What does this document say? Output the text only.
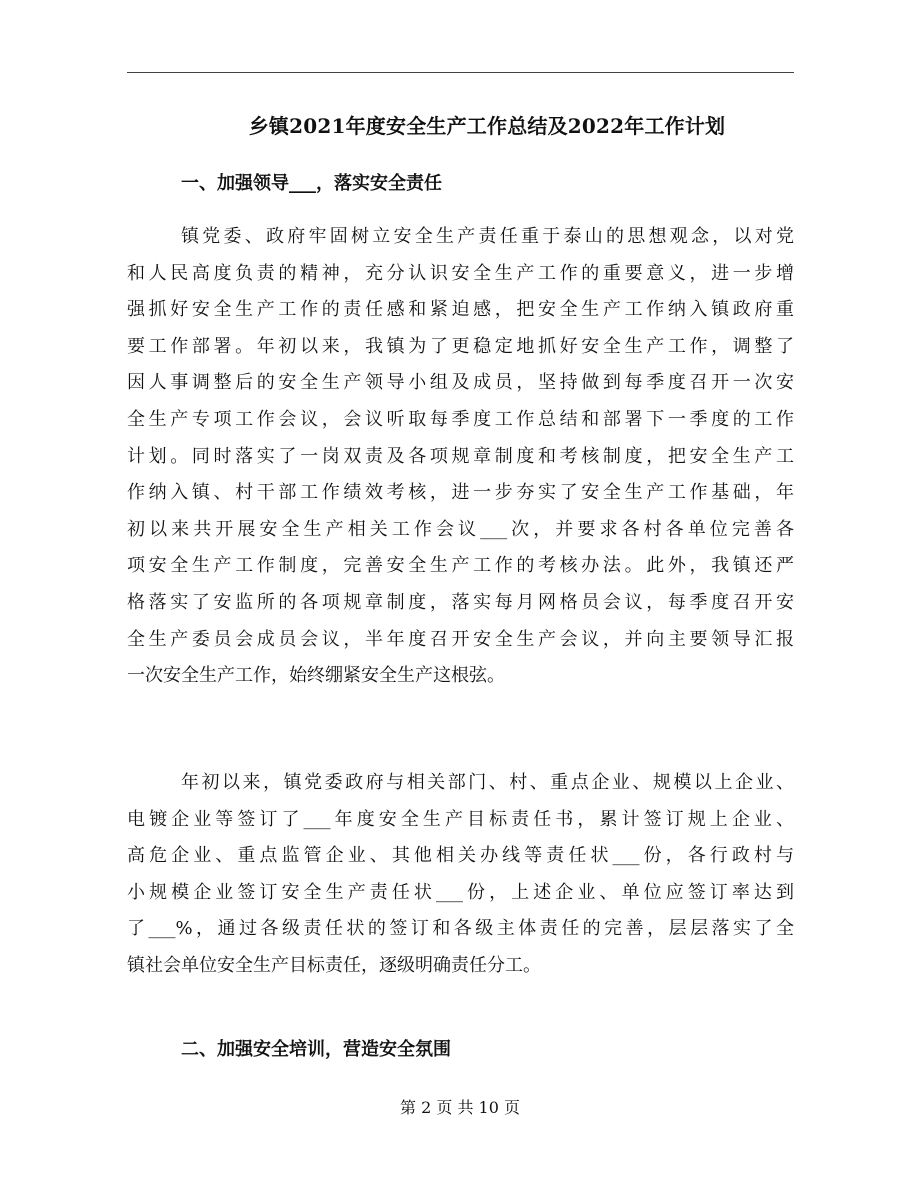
乡镇2021年度安全生产工作总结及2022年工作计划
一、加强领导___，落实安全责任
镇党委、政府牢固树立安全生产责任重于泰山的思想观念，以对党
和人民高度负责的精神，充分认识安全生产工作的重要意义，进一步增
强抓好安全生产工作的责任感和紧迫感，把安全生产工作纳入镇政府重
要工作部署。年初以来，我镇为了更稳定地抓好安全生产工作，调整了
因人事调整后的安全生产领导小组及成员，坚持做到每季度召开一次安
全生产专项工作会议，会议听取每季度工作总结和部署下一季度的工作
计划。同时落实了一岗双责及各项规章制度和考核制度，把安全生产工
作纳入镇、村干部工作绩效考核，进一步夯实了安全生产工作基础，年
初以来共开展安全生产相关工作会议___次，并要求各村各单位完善各
项安全生产工作制度，完善安全生产工作的考核办法。此外，我镇还严
格落实了安监所的各项规章制度，落实每月网格员会议，每季度召开安
全生产委员会成员会议，半年度召开安全生产会议，并向主要领导汇报
一次安全生产工作，始终绷紧安全生产这根弦。
年初以来，镇党委政府与相关部门、村、重点企业、规模以上企业、
电镀企业等签订了___年度安全生产目标责任书，累计签订规上企业、
高危企业、重点监管企业、其他相关办线等责任状___份，各行政村与
小规模企业签订安全生产责任状___份，上述企业、单位应签订率达到
了___%，通过各级责任状的签订和各级主体责任的完善，层层落实了全
镇社会单位安全生产目标责任，逐级明确责任分工。
二、加强安全培训，营造安全氛围
第 2 页 共 10 页
